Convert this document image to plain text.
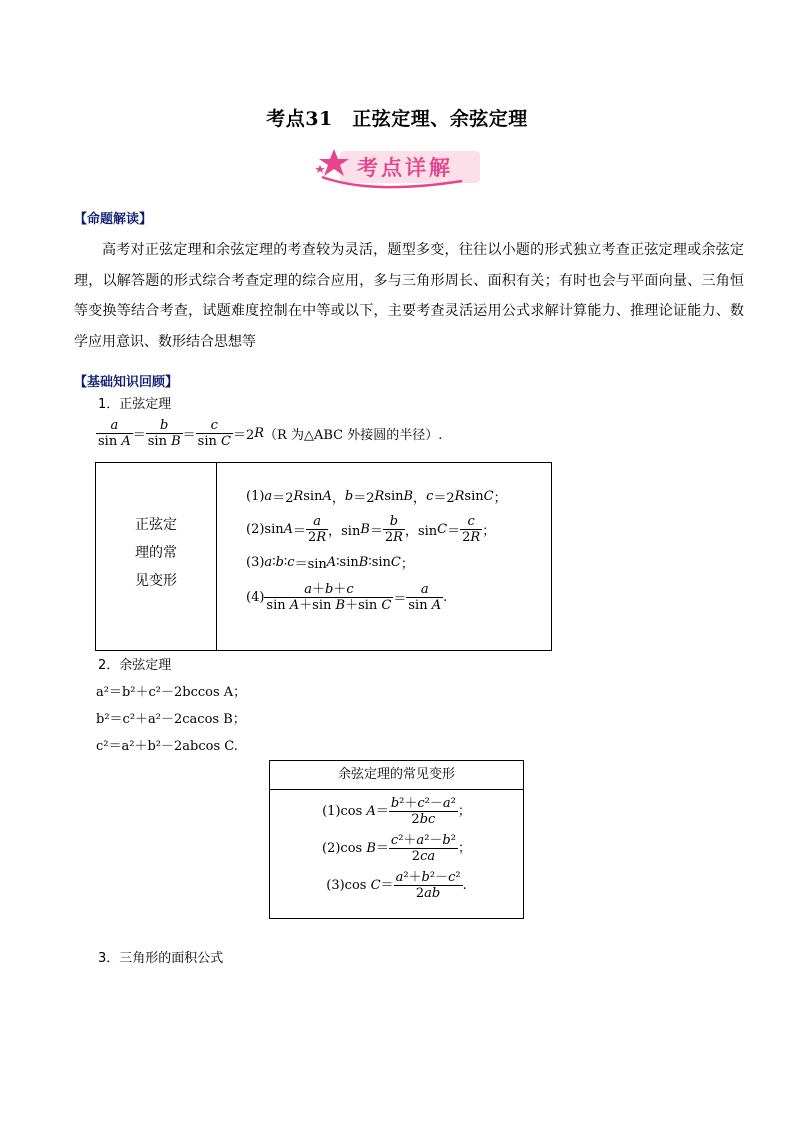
考点31　正弦定理、余弦定理
考点详解
【命题解读】
高考对正弦定理和余弦定理的考查较为灵活，题型多变，往往以小题的形式独立考查正弦定理或余弦定理，以解答题的形式综合考查定理的综合应用，多与三角形周长、面积有关；有时也会与平面向量、三角恒等变换等结合考查，试题难度控制在中等或以下，主要考查灵活运用公式求解计算能力、推理论证能力、数学应用意识、数形结合思想等
【基础知识回顾】
1．正弦定理
$\frac{a}{\text{sin A}} = \frac{b}{\text{sin B}} = \frac{c}{\text{sin C}} =2$ R （R 为△ABC 外接圆的半径）.
正弦定
理的常
见变形
(1) a ＝2 R sin A ， b ＝2 R sin B ， c ＝2 R sin C ；
(2)sin $A = \frac{a}{2R}$ ，$\sin B = \frac{b}{2R}$ ，$\sin C = \frac{c}{2R}$ ；
(3) a ∶ b ∶ c ＝sin A ∶sin B ∶sin C ；
$(4) \frac{a+b+c}{\text{sin A＋sin B＋sin C}} = \frac{a}{\text{sin A}}$ .
2．余弦定理
a²＝b²＋c²－2bccos A；
b²＝c²＋a²－2cacos B；
c²＝a²＋b²－2abcos C.
余弦定理的常见变形
(1)cos $A= \frac{\text{b²＋c²－a²}}{2bc}$ ；
(2)cos $B= \frac{\text{c²＋a²－b²}}{2ca}$ ；
(3)cos $C= \frac{\text{a²＋b²－c²}}{2ab}$ .
3．三角形的面积公式
